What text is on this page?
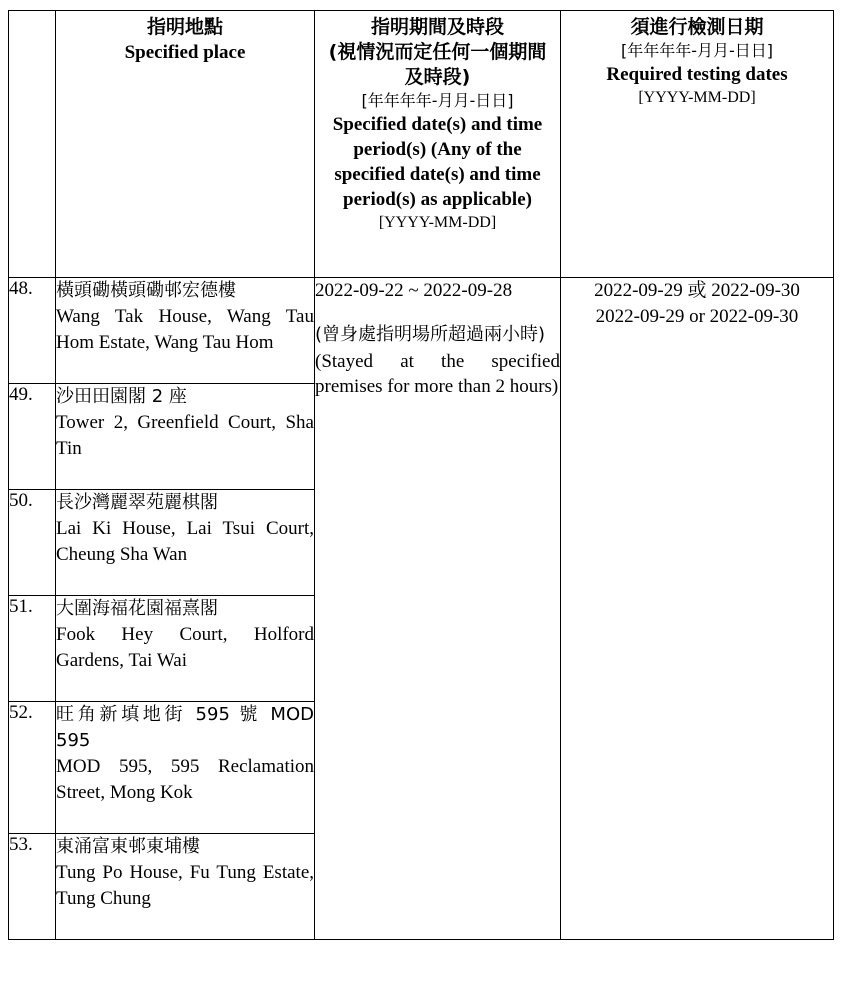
	指明地點
Specified place	指明期間及時段
(視情況而定任何一個期間及時段)
[年年年年-月月-日日]
Specified date(s) and time period(s) (Any of the specified date(s) and time period(s) as applicable)
[YYYY-MM-DD]	須進行檢測日期
[年年年年-月月-日日]
Required testing dates
[YYYY-MM-DD]

48.	橫頭磡橫頭磡邨宏德樓
Wang Tak House, Wang Tau Hom Estate, Wang Tau Hom	2022-09-22 ~ 2022-09-28
(曾身處指明場所超過兩小時)
(Stayed at the specified premises for more than 2 hours)	2022-09-29 或 2022-09-30
2022-09-29 or 2022-09-30

49.	沙田田園閣 2 座
Tower 2, Greenfield Court, Sha Tin		

50.	長沙灣麗翠苑麗棋閣
Lai Ki House, Lai Tsui Court, Cheung Sha Wan		

51.	大圍海福花園福熹閣
Fook Hey Court, Holford Gardens, Tai Wai		

52.	旺角新填地街 595 號 MOD 595
MOD 595, 595 Reclamation Street, Mong Kok		

53.	東涌富東邨東埔樓
Tung Po House, Fu Tung Estate, Tung Chung		
